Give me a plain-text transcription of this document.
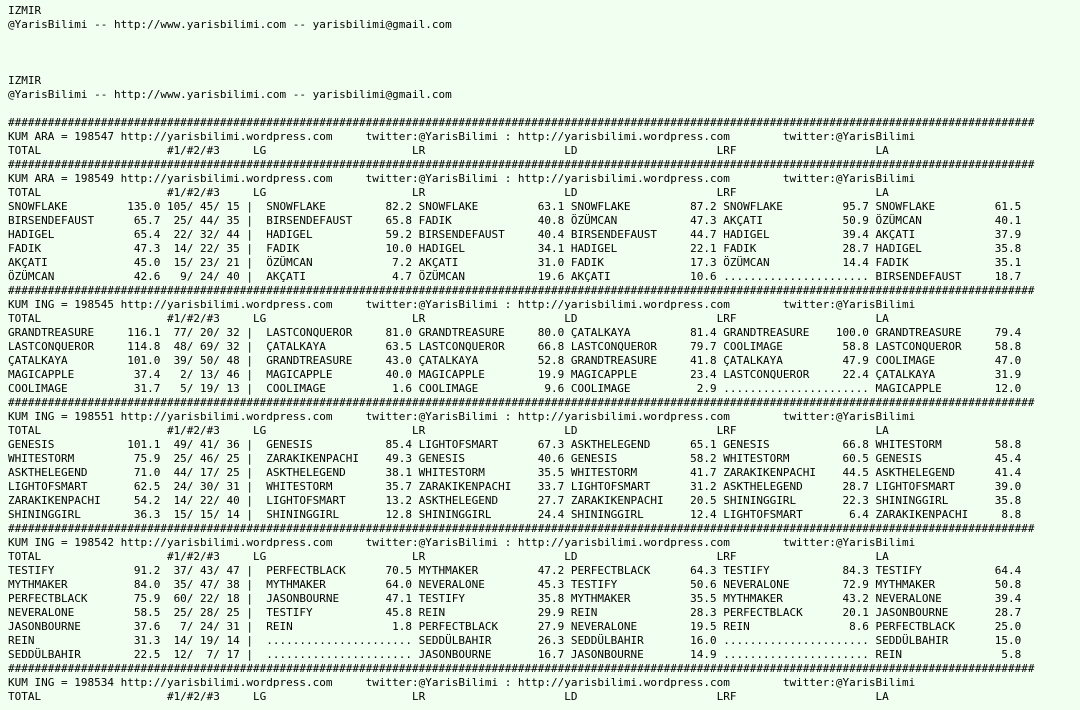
IZMIR
@YarisBilimi -- http://www.yarisbilimi.com -- yarisbilimi@gmail.com
IZMIR
@YarisBilimi -- http://www.yarisbilimi.com -- yarisbilimi@gmail.com
###########################################################################################################################################################
KUM ARA = 198547 http://yarisbilimi.wordpress.com     twitter:@YarisBilimi : http://yarisbilimi.wordpress.com        twitter:@YarisBilimi
TOTAL                   #1/#2/#3     LG                      LR                     LD                     LRF                     LA
###########################################################################################################################################################
KUM ARA = 198549 http://yarisbilimi.wordpress.com     twitter:@YarisBilimi : http://yarisbilimi.wordpress.com        twitter:@YarisBilimi
TOTAL                   #1/#2/#3     LG                      LR                     LD                     LRF                     LA
SNOWFLAKE         135.0 105/ 45/ 15 |  SNOWFLAKE         82.2 SNOWFLAKE         63.1 SNOWFLAKE         87.2 SNOWFLAKE         95.7 SNOWFLAKE         61.5
BIRSENDEFAUST      65.7  25/ 44/ 35 |  BIRSENDEFAUST     65.8 FADIK             40.8 ÖZÜMCAN           47.3 AKÇATI            50.9 ÖZÜMCAN           40.1
HADIGEL            65.4  22/ 32/ 44 |  HADIGEL           59.2 BIRSENDEFAUST     40.4 BIRSENDEFAUST     44.7 HADIGEL           39.4 AKÇATI            37.9
FADIK              47.3  14/ 22/ 35 |  FADIK             10.0 HADIGEL           34.1 HADIGEL           22.1 FADIK             28.7 HADIGEL           35.8
AKÇATI             45.0  15/ 23/ 21 |  ÖZÜMCAN            7.2 AKÇATI            31.0 FADIK             17.3 ÖZÜMCAN           14.4 FADIK             35.1
ÖZÜMCAN            42.6   9/ 24/ 40 |  AKÇATI             4.7 ÖZÜMCAN           19.6 AKÇATI            10.6 ...................... BIRSENDEFAUST     18.7
###########################################################################################################################################################
KUM ING = 198545 http://yarisbilimi.wordpress.com     twitter:@YarisBilimi : http://yarisbilimi.wordpress.com        twitter:@YarisBilimi
TOTAL                   #1/#2/#3     LG                      LR                     LD                     LRF                     LA
GRANDTREASURE     116.1  77/ 20/ 32 |  LASTCONQUEROR     81.0 GRANDTREASURE     80.0 ÇATALKAYA         81.4 GRANDTREASURE    100.0 GRANDTREASURE     79.4
LASTCONQUEROR     114.8  48/ 69/ 32 |  ÇATALKAYA         63.5 LASTCONQUEROR     66.8 LASTCONQUEROR     79.7 COOLIMAGE         58.8 LASTCONQUEROR     58.8
ÇATALKAYA         101.0  39/ 50/ 48 |  GRANDTREASURE     43.0 ÇATALKAYA         52.8 GRANDTREASURE     41.8 ÇATALKAYA         47.9 COOLIMAGE         47.0
MAGICAPPLE         37.4   2/ 13/ 46 |  MAGICAPPLE        40.0 MAGICAPPLE        19.9 MAGICAPPLE        23.4 LASTCONQUEROR     22.4 ÇATALKAYA         31.9
COOLIMAGE          31.7   5/ 19/ 13 |  COOLIMAGE          1.6 COOLIMAGE          9.6 COOLIMAGE          2.9 ...................... MAGICAPPLE        12.0
###########################################################################################################################################################
KUM ING = 198551 http://yarisbilimi.wordpress.com     twitter:@YarisBilimi : http://yarisbilimi.wordpress.com        twitter:@YarisBilimi
TOTAL                   #1/#2/#3     LG                      LR                     LD                     LRF                     LA
GENESIS           101.1  49/ 41/ 36 |  GENESIS           85.4 LIGHTOFSMART      67.3 ASKTHELEGEND      65.1 GENESIS           66.8 WHITESTORM        58.8
WHITESTORM         75.9  25/ 46/ 25 |  ZARAKIKENPACHI    49.3 GENESIS           40.6 GENESIS           58.2 WHITESTORM        60.5 GENESIS           45.4
ASKTHELEGEND       71.0  44/ 17/ 25 |  ASKTHELEGEND      38.1 WHITESTORM        35.5 WHITESTORM        41.7 ZARAKIKENPACHI    44.5 ASKTHELEGEND      41.4
LIGHTOFSMART       62.5  24/ 30/ 31 |  WHITESTORM        35.7 ZARAKIKENPACHI    33.7 LIGHTOFSMART      31.2 ASKTHELEGEND      28.7 LIGHTOFSMART      39.0
ZARAKIKENPACHI     54.2  14/ 22/ 40 |  LIGHTOFSMART      13.2 ASKTHELEGEND      27.7 ZARAKIKENPACHI    20.5 SHININGGIRL       22.3 SHININGGIRL       35.8
SHININGGIRL        36.3  15/ 15/ 14 |  SHININGGIRL       12.8 SHININGGIRL       24.4 SHININGGIRL       12.4 LIGHTOFSMART       6.4 ZARAKIKENPACHI     8.8
###########################################################################################################################################################
KUM ING = 198542 http://yarisbilimi.wordpress.com     twitter:@YarisBilimi : http://yarisbilimi.wordpress.com        twitter:@YarisBilimi
TOTAL                   #1/#2/#3     LG                      LR                     LD                     LRF                     LA
TESTIFY            91.2  37/ 43/ 47 |  PERFECTBLACK      70.5 MYTHMAKER         47.2 PERFECTBLACK      64.3 TESTIFY           84.3 TESTIFY           64.4
MYTHMAKER          84.0  35/ 47/ 38 |  MYTHMAKER         64.0 NEVERALONE        45.3 TESTIFY           50.6 NEVERALONE        72.9 MYTHMAKER         50.8
PERFECTBLACK       75.9  60/ 22/ 18 |  JASONBOURNE       47.1 TESTIFY           35.8 MYTHMAKER         35.5 MYTHMAKER         43.2 NEVERALONE        39.4
NEVERALONE         58.5  25/ 28/ 25 |  TESTIFY           45.8 REIN              29.9 REIN              28.3 PERFECTBLACK      20.1 JASONBOURNE       28.7
JASONBOURNE        37.6   7/ 24/ 31 |  REIN               1.8 PERFECTBLACK      27.9 NEVERALONE        19.5 REIN               8.6 PERFECTBLACK      25.0
REIN               31.3  14/ 19/ 14 |  ...................... SEDDÜLBAHIR       26.3 SEDDÜLBAHIR       16.0 ...................... SEDDÜLBAHIR       15.0
SEDDÜLBAHIR        22.5  12/  7/ 17 |  ...................... JASONBOURNE       16.7 JASONBOURNE       14.9 ...................... REIN               5.8
###########################################################################################################################################################
KUM ING = 198534 http://yarisbilimi.wordpress.com     twitter:@YarisBilimi : http://yarisbilimi.wordpress.com        twitter:@YarisBilimi
TOTAL                   #1/#2/#3     LG                      LR                     LD                     LRF                     LA
